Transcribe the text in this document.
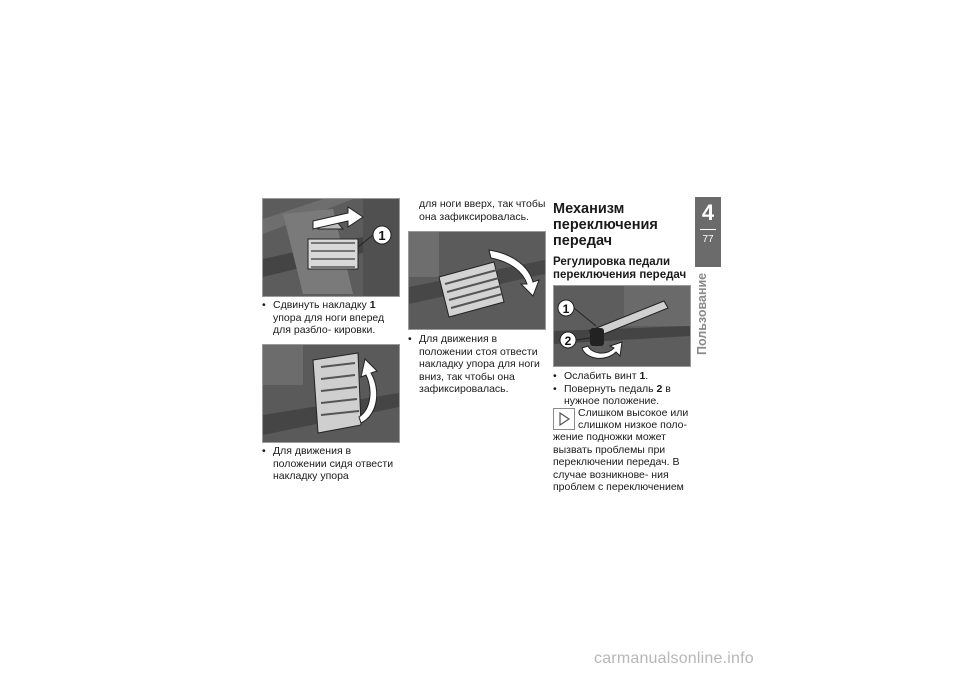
1
• Сдвинуть накладку 1 упора для ноги вперед для разбло- кировки.
• Для движения в положении сидя отвести накладку упора
для ноги вверх, так чтобы она зафиксировалась.
• Для движения в положении стоя отвести накладку упора для ноги вниз, так чтобы она зафиксировалась.
Механизм переключения передач
Регулировка педали переключения передач
1
2
• Ослабить винт 1.
• Повернуть педаль 2 в нужное положение.
Слишком высокое или
слишком низкое поло-
жение подножки может вызвать проблемы при переключении передач. В случае возникнове- ния проблем с переключением
4
77
Пользование
carmanualsonline.info
